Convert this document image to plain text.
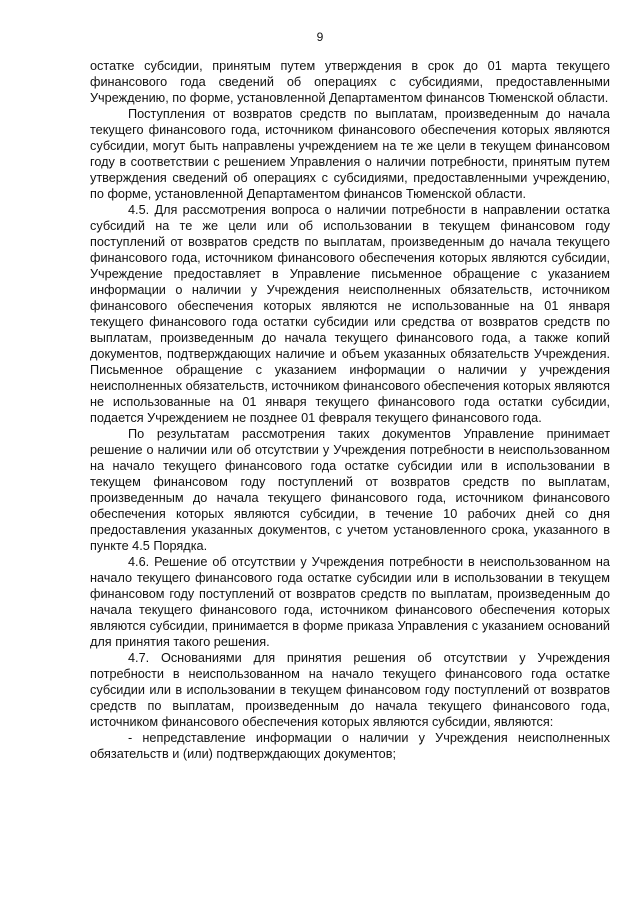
9

остатке субсидии, принятым путем утверждения в срок до 01 марта текущего финансового года сведений об операциях с субсидиями, предоставленными Учреждению, по форме, установленной Департаментом финансов Тюменской области.

Поступления от возвратов средств по выплатам, произведенным до начала текущего финансового года, источником финансового обеспечения которых являются субсидии, могут быть направлены учреждением на те же цели в текущем финансовом году в соответствии с решением Управления о наличии потребности, принятым путем утверждения сведений об операциях с субсидиями, предоставленными учреждению, по форме, установленной Департаментом финансов Тюменской области.

4.5. Для рассмотрения вопроса о наличии потребности в направлении остатка субсидий на те же цели или об использовании в текущем финансовом году поступлений от возвратов средств по выплатам, произведенным до начала текущего финансового года, источником финансового обеспечения которых являются субсидии, Учреждение предоставляет в Управление письменное обращение с указанием информации о наличии у Учреждения неисполненных обязательств, источником финансового обеспечения которых являются не использованные на 01 января текущего финансового года остатки субсидии или средства от возвратов средств по выплатам, произведенным до начала текущего финансового года, а также копий документов, подтверждающих наличие и объем указанных обязательств Учреждения. Письменное обращение с указанием информации о наличии у учреждения неисполненных обязательств, источником финансового обеспечения которых являются не использованные на 01 января текущего финансового года остатки субсидии, подается Учреждением не позднее 01 февраля текущего финансового года.

По результатам рассмотрения таких документов Управление принимает решение о наличии или об отсутствии у Учреждения потребности в неиспользованном на начало текущего финансового года остатке субсидии или в использовании в текущем финансовом году поступлений от возвратов средств по выплатам, произведенным до начала текущего финансового года, источником финансового обеспечения которых являются субсидии, в течение 10 рабочих дней со дня предоставления указанных документов, с учетом установленного срока, указанного в пункте 4.5 Порядка.

4.6. Решение об отсутствии у Учреждения потребности в неиспользованном на начало текущего финансового года остатке субсидии или в использовании в текущем финансовом году поступлений от возвратов средств по выплатам, произведенным до начала текущего финансового года, источником финансового обеспечения которых являются субсидии, принимается в форме приказа Управления с указанием оснований для принятия такого решения.

4.7. Основаниями для принятия решения об отсутствии у Учреждения потребности в неиспользованном на начало текущего финансового года остатке субсидии или в использовании в текущем финансовом году поступлений от возвратов средств по выплатам, произведенным до начала текущего финансового года, источником финансового обеспечения которых являются субсидии, являются:

- непредставление информации о наличии у Учреждения неисполненных обязательств и (или) подтверждающих документов;
